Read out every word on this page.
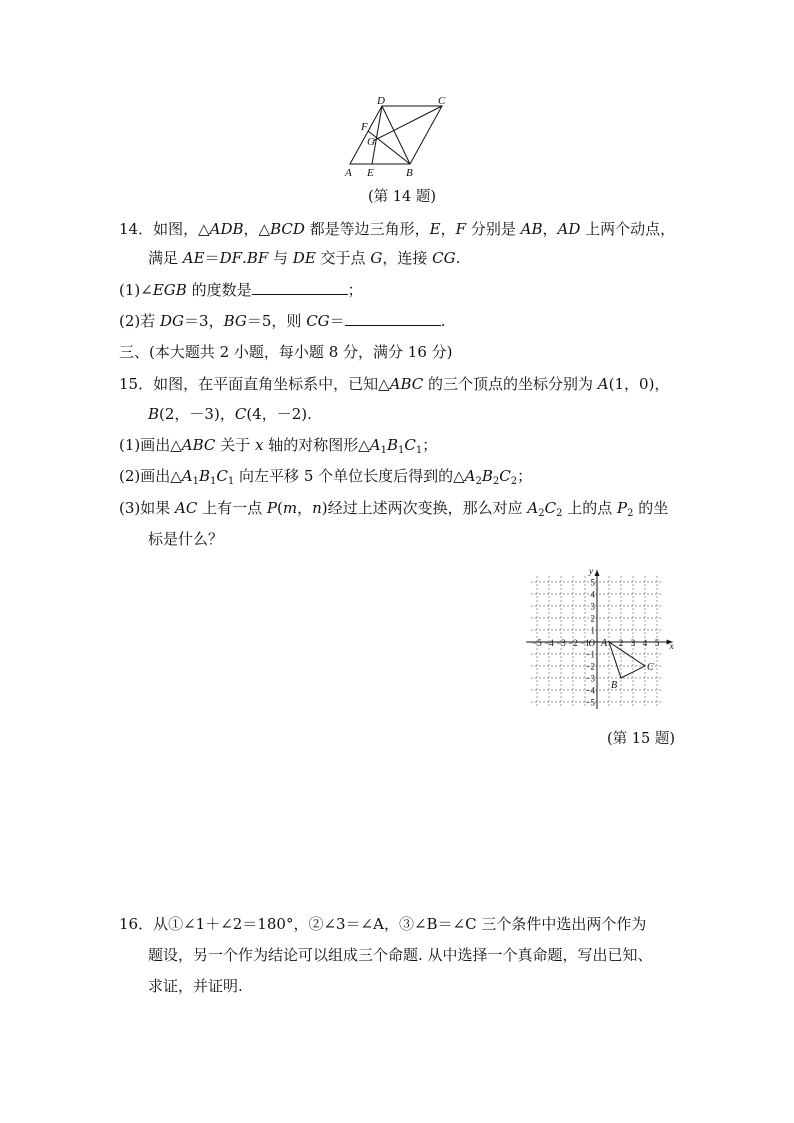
D	C
F
G
A E	B
(第 14 题)
14．如图，△ADB，△BCD 都是等边三角形，E，F 分别是 AB，AD 上两个动点，
满足 AE＝DF.BF 与 DE 交于点 G，连接 CG.
(1)∠EGB 的度数是	；
(2)若 DG＝3，BG＝5，则 CG＝	.
三、(本大题共 2 小题，每小题 8 分，满分 16 分)
15．如图，在平面直角坐标系中，已知△ABC 的三个顶点的坐标分别为 A(1，0)，
B(2，－3)，C(4，－2).
(1)画出△ABC 关于 x 轴的对称图形$\triangle A_1B_1C_1$；
(2)画出$\triangle A_1B_1C_1$ 向左平移 5 个单位长度后得到的$\triangle A_2B_2C_2$；
(3)如果 AC 上有一点 P(m，n)经过上述两次变换，那么对应 $A_2C_2$ 上的点 $P_2$ 的坐
标是什么？
−5 −4 −3 −2 −1	2 3 4 5
5
4
3
2
1
−1
−2
−3
−4
−5
O	x
y
A
B
C
(第 15 题)
16．从①∠1＋∠2＝180°，②∠3＝∠A，③∠B＝∠C 三个条件中选出两个作为
题设，另一个作为结论可以组成三个命题. 从中选择一个真命题，写出已知、
求证，并证明.
